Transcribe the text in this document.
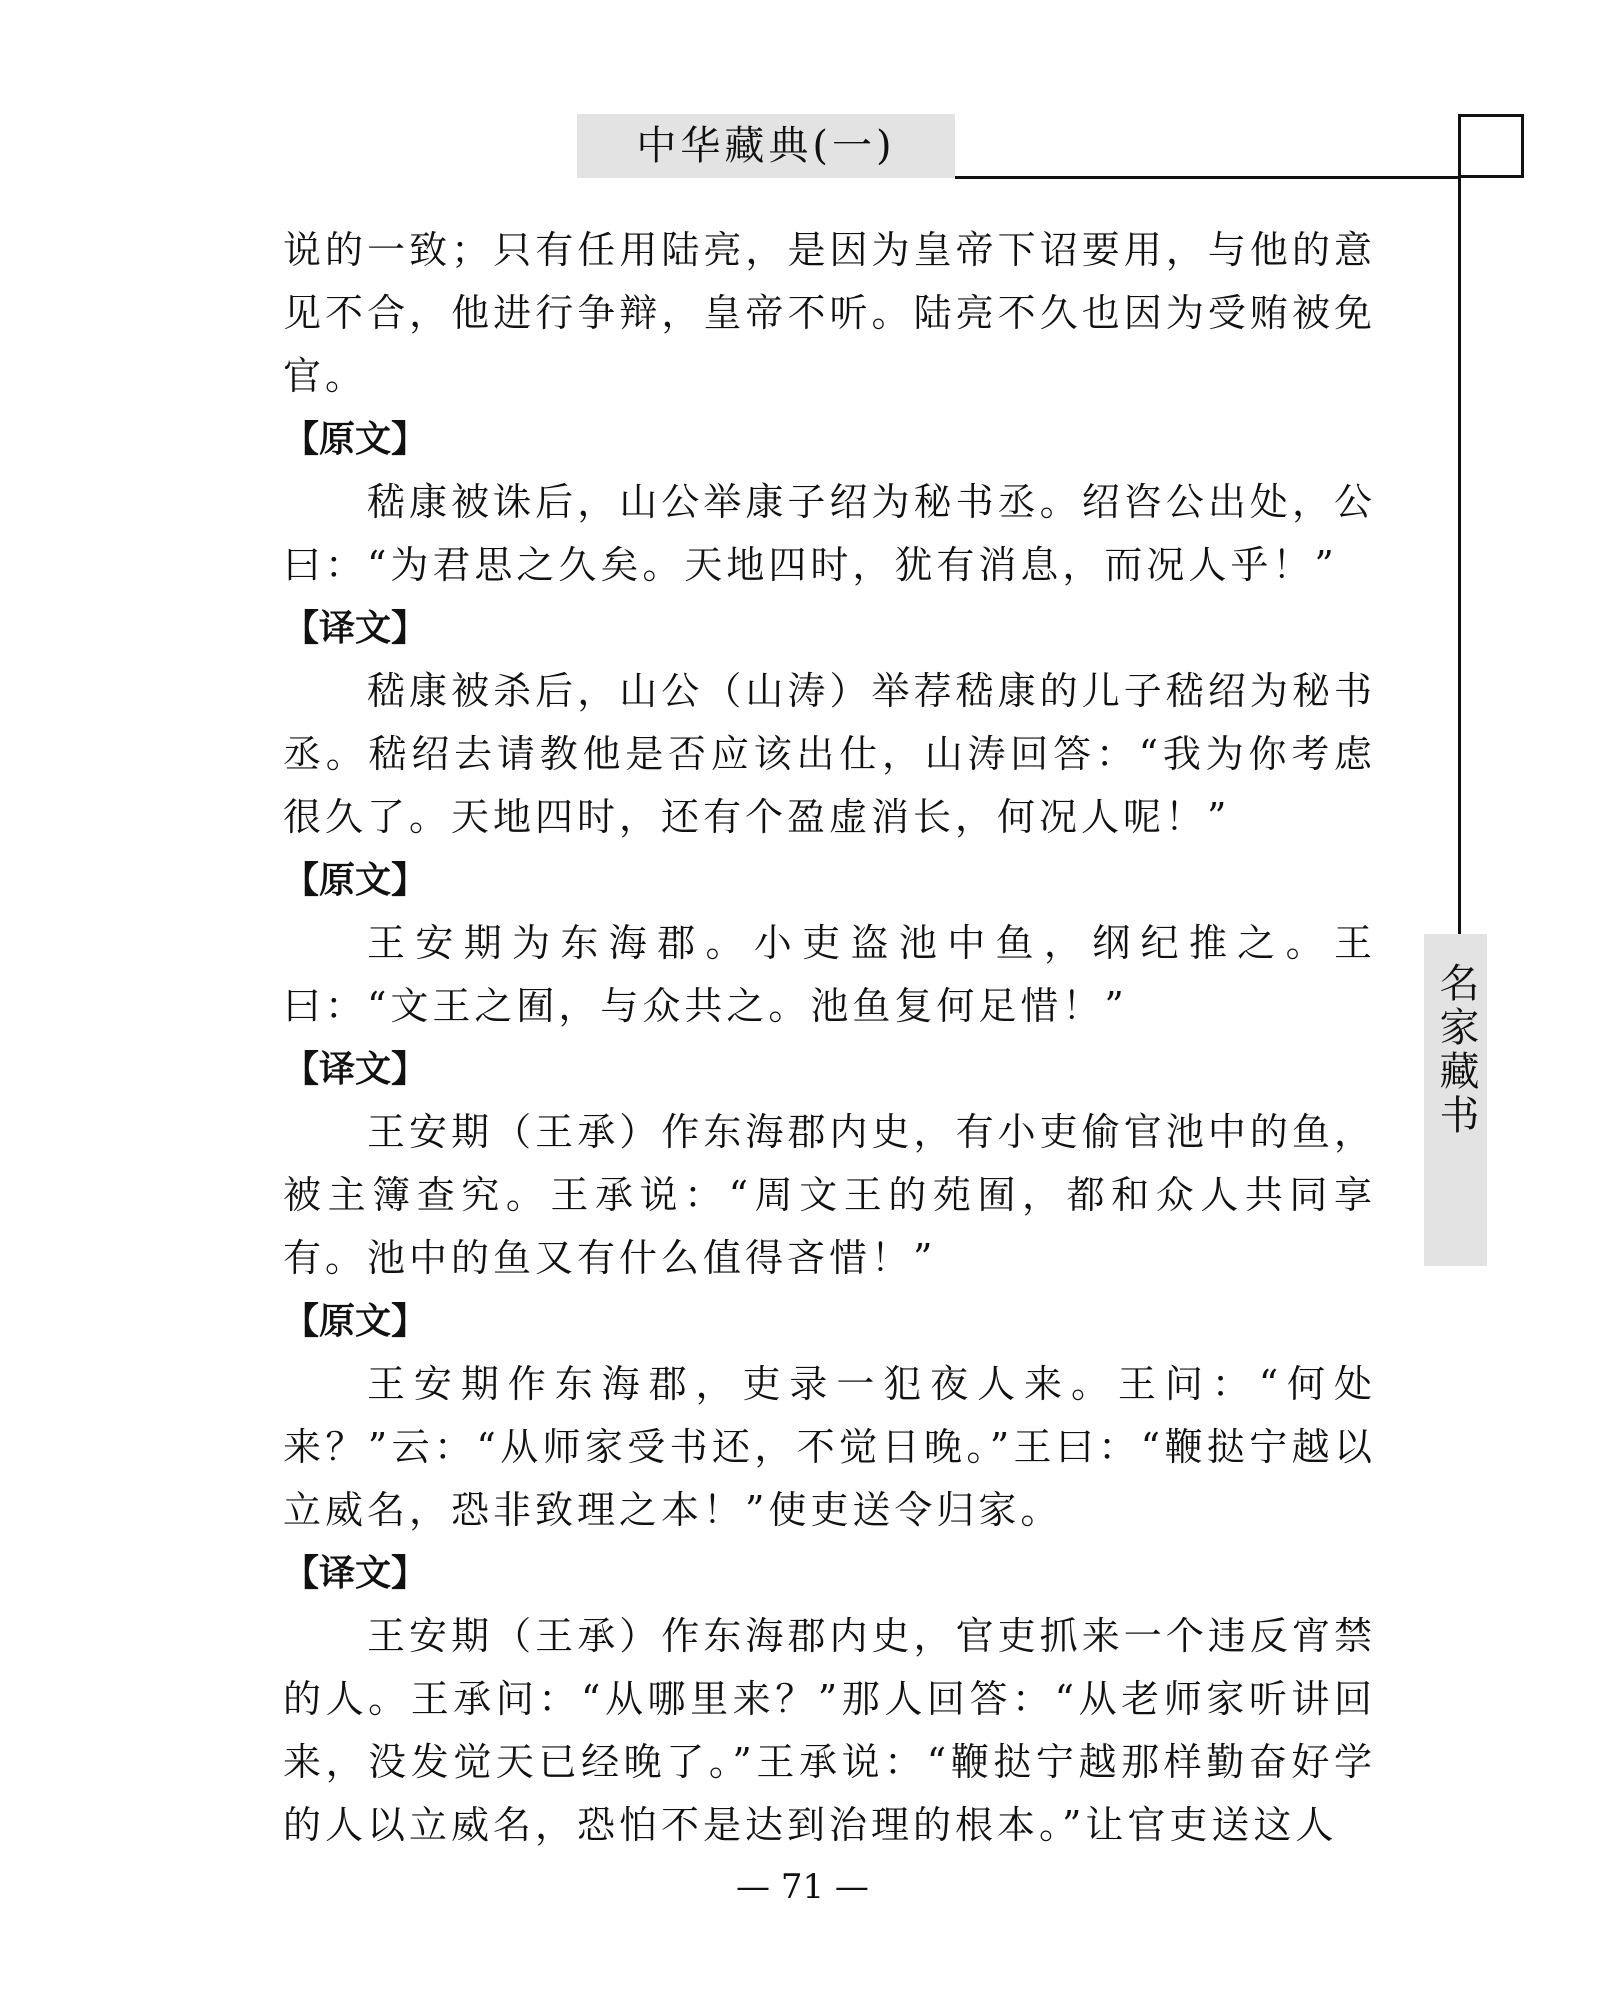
中华藏典(一)
名家藏书

说的一致；只有任用陆亮，是因为皇帝下诏要用，与他的意见不合，他进行争辩，皇帝不听。陆亮不久也因为受贿被免官。

【原文】

嵇康被诛后，山公举康子绍为秘书丞。绍咨公出处，公曰：“为君思之久矣。天地四时，犹有消息，而况人乎！”

【译文】

嵇康被杀后，山公（山涛）举荐嵇康的儿子嵇绍为秘书丞。嵇绍去请教他是否应该出仕，山涛回答：“我为你考虑很久了。天地四时，还有个盈虚消长，何况人呢！”

【原文】

王安期为东海郡。小吏盗池中鱼，纲纪推之。王曰：“文王之囿，与众共之。池鱼复何足惜！”

【译文】

王安期（王承）作东海郡内史，有小吏偷官池中的鱼，被主簿查究。王承说：“周文王的苑囿，都和众人共同享有。池中的鱼又有什么值得吝惜！”

【原文】

王安期作东海郡，吏录一犯夜人来。王问：“何处来？”云：“从师家受书还，不觉日晚。”王曰：“鞭挞宁越以立威名，恐非致理之本！”使吏送令归家。

【译文】

王安期（王承）作东海郡内史，官吏抓来一个违反宵禁的人。王承问：“从哪里来？”那人回答：“从老师家听讲回来，没发觉天已经晚了。”王承说：“鞭挞宁越那样勤奋好学的人以立威名，恐怕不是达到治理的根本。”让官吏送这人

— 71 —
